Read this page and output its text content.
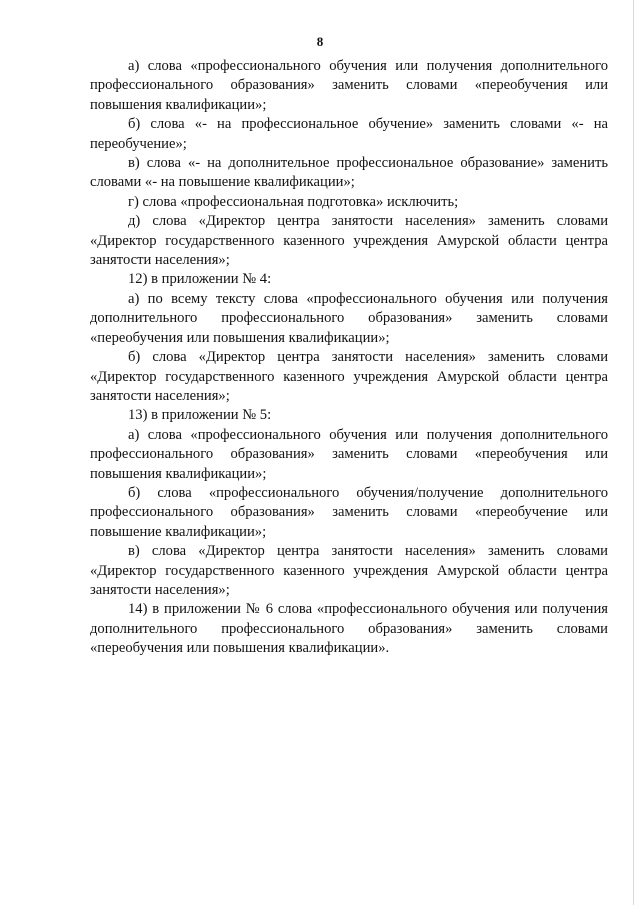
8

а) слова «профессионального обучения или получения дополнительного профессионального образования» заменить словами «переобучения или повышения квалификации»;

б) слова «- на профессиональное обучение» заменить словами «- на переобучение»;

в) слова «- на дополнительное профессиональное образование» заменить словами «- на повышение квалификации»;

г) слова «профессиональная подготовка» исключить;

д) слова «Директор центра занятости населения» заменить словами «Директор государственного казенного учреждения Амурской области центра занятости населения»;

12) в приложении № 4:

а) по всему тексту слова «профессионального обучения или получения дополнительного профессионального образования» заменить словами «переобучения или повышения квалификации»;

б) слова «Директор центра занятости населения» заменить словами «Директор государственного казенного учреждения Амурской области центра занятости населения»;

13) в приложении № 5:

а) слова «профессионального обучения или получения дополнительного профессионального образования» заменить словами «переобучения или повышения квалификации»;

б) слова «профессионального обучения/получение дополнительного профессионального образования» заменить словами «переобучение или повышение квалификации»;

в) слова «Директор центра занятости населения» заменить словами «Директор государственного казенного учреждения Амурской области центра занятости населения»;

14) в приложении № 6 слова «профессионального обучения или получения дополнительного профессионального образования» заменить словами «переобучения или повышения квалификации».
